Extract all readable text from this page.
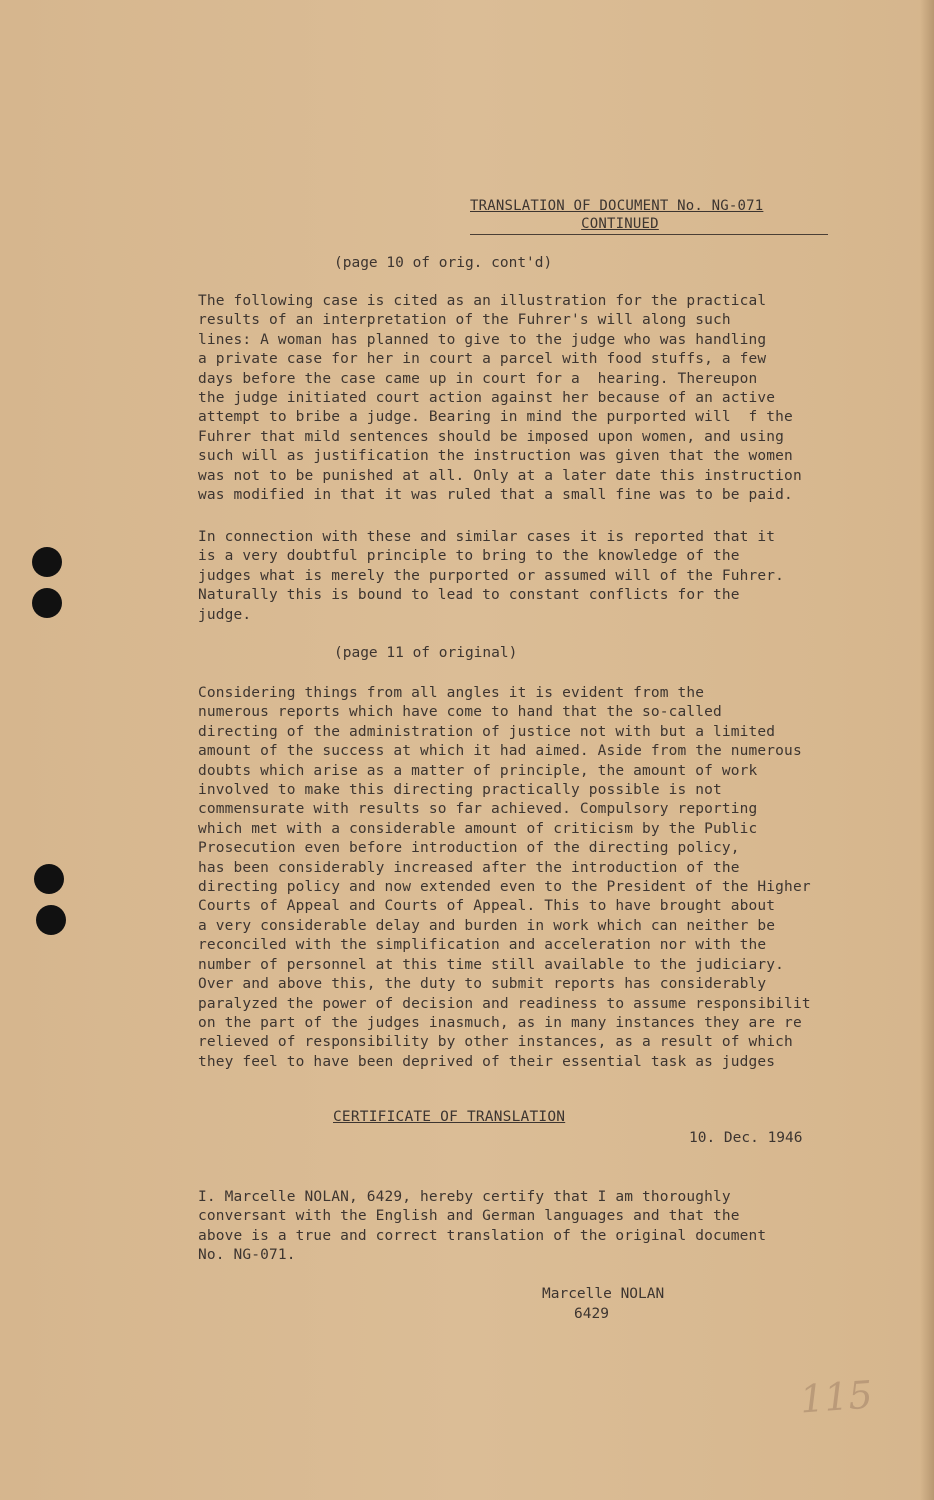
TRANSLATION OF DOCUMENT No. NG-071
CONTINUED
(page 10 of orig. cont'd)
The following case is cited as an illustration for the practical
results of an interpretation of the Fuhrer's will along such
lines: A woman has planned to give to the judge who was handling
a private case for her in court a parcel with food stuffs, a few
days before the case came up in court for a  hearing. Thereupon
the judge initiated court action against her because of an active
attempt to bribe a judge. Bearing in mind the purported will  f the
Fuhrer that mild sentences should be imposed upon women, and using
such will as justification the instruction was given that the women
was not to be punished at all. Only at a later date this instruction
was modified in that it was ruled that a small fine was to be paid.
In connection with these and similar cases it is reported that it
is a very doubtful principle to bring to the knowledge of the
judges what is merely the purported or assumed will of the Fuhrer.
Naturally this is bound to lead to constant conflicts for the
judge.
(page 11 of original)
Considering things from all angles it is evident from the
numerous reports which have come to hand that the so-called
directing of the administration of justice not with but a limited
amount of the success at which it had aimed. Aside from the numerous
doubts which arise as a matter of principle, the amount of work
involved to make this directing practically possible is not
commensurate with results so far achieved. Compulsory reporting
which met with a considerable amount of criticism by the Public
Prosecution even before introduction of the directing policy,
has been considerably increased after the introduction of the
directing policy and now extended even to the President of the Higher
Courts of Appeal and Courts of Appeal. This to have brought about
a very considerable delay and burden in work which can neither be
reconciled with the simplification and acceleration nor with the
number of personnel at this time still available to the judiciary.
Over and above this, the duty to submit reports has considerably
paralyzed the power of decision and readiness to assume responsibilit
on the part of the judges inasmuch, as in many instances they are re
relieved of responsibility by other instances, as a result of which
they feel to have been deprived of their essential task as judges
CERTIFICATE OF TRANSLATION
10. Dec. 1946
I. Marcelle NOLAN, 6429, hereby certify that I am thoroughly
conversant with the English and German languages and that the
above is a true and correct translation of the original document
No. NG-071.
Marcelle NOLAN
6429
115
